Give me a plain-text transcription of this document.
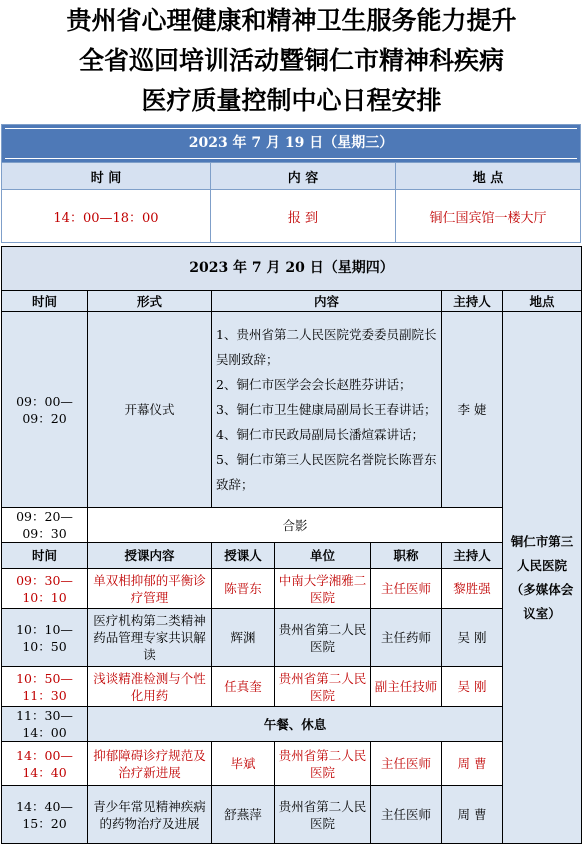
贵州省心理健康和精神卫生服务能力提升
全省巡回培训活动暨铜仁市精神科疾病
医疗质量控制中心日程安排
2023 年 7 月 19 日（星期三）		

时 间	内 容	地 点
14：00—18：00	报 到	铜仁国宾馆一楼大厅
2023 年 7 月 20 日（星期四）						
时间	形式	内容			主持人	地点
09：00—09：20	开幕仪式	1、贵州省第二人民医院党委委员副院长吴刚致辞；
2、铜仁市医学会会长赵胜芬讲话；
3、铜仁市卫生健康局副局长王春讲话；
4、铜仁市民政局副局长潘煊霖讲话；
5、铜仁市第三人民医院名誉院长陈晋东致辞；			李 婕	铜仁市第三人民医院（多媒体会议室）
09：20—09：30	合影					
时间	授课内容	授课人	单位	职称	主持人	
09：30—10：10	单双相抑郁的平衡诊疗管理	陈晋东	中南大学湘雅二医院	主任医师	黎胜强	
10：10—10：50	医疗机构第二类精神药品管理专家共识解读	辉渊	贵州省第二人民医院	主任药师	吴 刚	
10：50—11：30	浅谈精准检测与个性化用药	任真奎	贵州省第二人民医院	副主任技师	吴 刚	
11：30—14：00	午餐、休息					
14：00—14：40	抑郁障碍诊疗规范及治疗新进展	毕斌	贵州省第二人民医院	主任医师	周 曹	
14：40—15：20	青少年常见精神疾病的药物治疗及进展	舒燕萍	贵州省第二人民医院	主任医师	周 曹	
